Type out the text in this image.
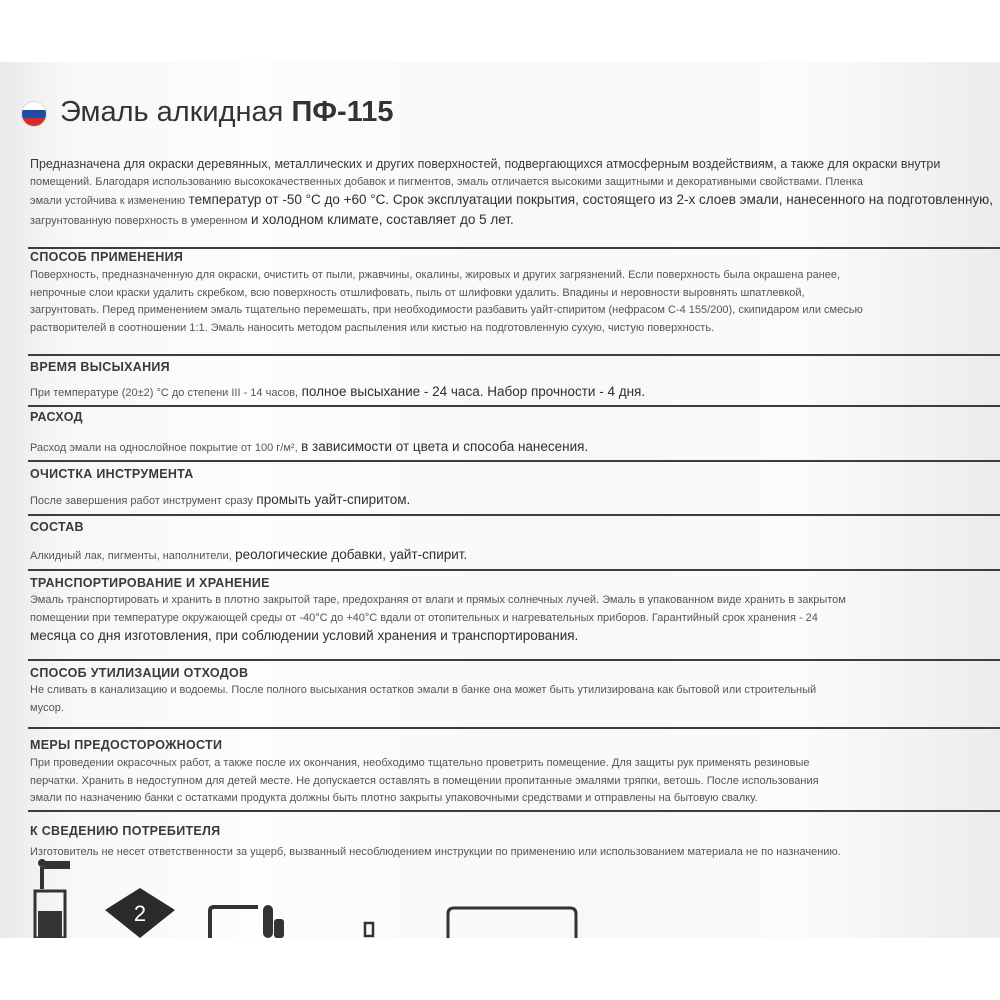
Эмаль алкидная ПФ-115
Предназначена для окраски деревянных, металлических и других поверхностей, подвергающихся атмосферным воздействиям, а также для окраски внутри
помещений. Благодаря использованию высококачественных добавок и пигментов, эмаль отличается высокими защитными и декоративными свойствами. Пленка
эмали устойчива к изменению температур от -50 °С до +60 °С. Срок эксплуатации покрытия, состоящего из 2-х слоев эмали, нанесенного на подготовленную,
загрунтованную поверхность в умеренном и холодном климате, составляет до 5 лет.
СПОСОБ ПРИМЕНЕНИЯ
Поверхность, предназначенную для окраски, очистить от пыли, ржавчины, окалины, жировых и других загрязнений. Если поверхность была окрашена ранее,
непрочные слои краски удалить скребком, всю поверхность отшлифовать, пыль от шлифовки удалить. Впадины и неровности выровнять шпатлевкой,
загрунтовать. Перед применением эмаль тщательно перемешать, при необходимости разбавить уайт-спиритом (нефрасом С-4 155/200), скипидаром или смесью
растворителей в соотношении 1:1. Эмаль наносить методом распыления или кистью на подготовленную сухую, чистую поверхность.
ВРЕМЯ ВЫСЫХАНИЯ
При температуре (20±2) °С до степени III - 14 часов, полное высыхание - 24 часа. Набор прочности - 4 дня.
РАСХОД
Расход эмали на однослойное покрытие от 100 г/м², в зависимости от цвета и способа нанесения.
ОЧИСТКА ИНСТРУМЕНТА
После завершения работ инструмент сразу промыть уайт-спиритом.
СОСТАВ
Алкидный лак, пигменты, наполнители, реологические добавки, уайт-спирит.
ТРАНСПОРТИРОВАНИЕ И ХРАНЕНИЕ
Эмаль транспортировать и хранить в плотно закрытой таре, предохраняя от влаги и прямых солнечных лучей. Эмаль в упакованном виде хранить в закрытом
помещении при температуре окружающей среды от -40°С до +40°С вдали от отопительных и нагревательных приборов. Гарантийный срок хранения - 24
месяца со дня изготовления, при соблюдении условий хранения и транспортирования.
СПОСОБ УТИЛИЗАЦИИ ОТХОДОВ
Не сливать в канализацию и водоемы. После полного высыхания остатков эмали в банке она может быть утилизирована как бытовой или строительный
мусор.
МЕРЫ ПРЕДОСТОРОЖНОСТИ
При проведении окрасочных работ, а также после их окончания, необходимо тщательно проветрить помещение. Для защиты рук применять резиновые
перчатки. Хранить в недоступном для детей месте. Не допускается оставлять в помещении пропитанные эмалями тряпки, ветошь. После использования
эмали по назначению банки с остатками продукта должны быть плотно закрыты упаковочными средствами и отправлены на бытовую свалку.
К СВЕДЕНИЮ ПОТРЕБИТЕЛЯ
Изготовитель не несет ответственности за ущерб, вызванный несоблюдением инструкции по применению или использованием материала не по назначению.
2
